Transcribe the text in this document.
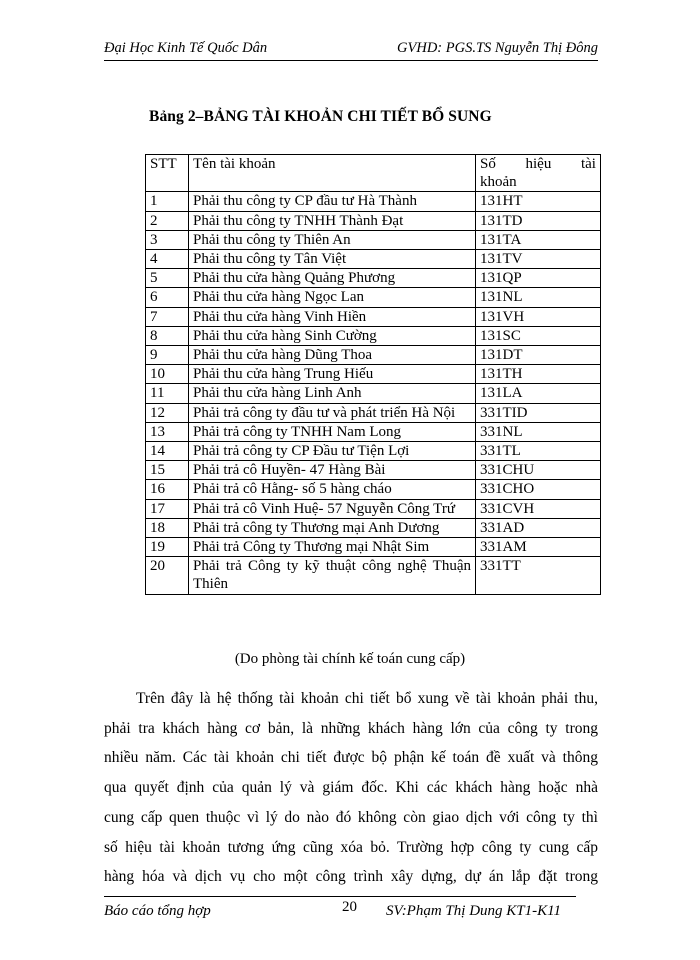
Đại Học Kinh Tế Quốc Dân	GVHD: PGS.TS Nguyễn Thị Đông
Bảng 2–BẢNG TÀI KHOẢN CHI TIẾT BỔ SUNG
STT	Tên tài khoản	Số hiệu tài
khoản

1	Phải thu công ty CP đầu tư Hà Thành	131HT
2	Phải thu công ty TNHH Thành Đạt	131TD
3	Phải thu công ty Thiên An	131TA
4	Phải thu công ty Tân Việt	131TV
5	Phải thu cửa hàng Quảng Phương	131QP
6	Phải thu cửa hàng Ngọc Lan	131NL
7	Phải thu cửa hàng Vinh Hiền	131VH
8	Phải thu cửa hàng Sinh Cường	131SC
9	Phải thu cửa hàng Dũng Thoa	131DT
10	Phải thu cửa hàng Trung Hiếu	131TH
11	Phải thu cửa hàng Linh Anh	131LA
12	Phải trả công ty đầu tư và phát triển Hà Nội	331TID
13	Phải trả công ty TNHH Nam Long	331NL
14	Phải trả công ty CP Đầu tư Tiện Lợi	331TL
15	Phải trả cô Huyền- 47 Hàng Bài	331CHU
16	Phải trả cô Hằng- số 5 hàng cháo	331CHO
17	Phải trả cô Vinh Huệ- 57 Nguyễn Công Trứ	331CVH
18	Phải trả công ty Thương mại Anh Dương	331AD
19	Phải trả Công ty Thương mại Nhật Sim	331AM
20	Phải trả Công ty kỹ thuật công nghệ Thuận Thiên	331TT
(Do phòng tài chính kế toán cung cấp)
Trên đây là hệ thống tài khoản chi tiết bổ xung về tài khoản phải thu,
phải tra khách hàng cơ bản, là những khách hàng lớn của công ty trong
nhiều năm. Các tài khoản chi tiết được bộ phận kế toán đề xuất và thông
qua quyết định của quản lý và giám đốc. Khi các khách hàng hoặc nhà
cung cấp quen thuộc vì lý do nào đó không còn giao dịch với công ty thì
số hiệu tài khoản tương ứng cũng xóa bỏ. Trường hợp công ty cung cấp
hàng hóa và dịch vụ cho một công trình xây dựng, dự án lắp đặt trong
Báo cáo tổng hợp	20 SV:Phạm Thị Dung KT1-K11
